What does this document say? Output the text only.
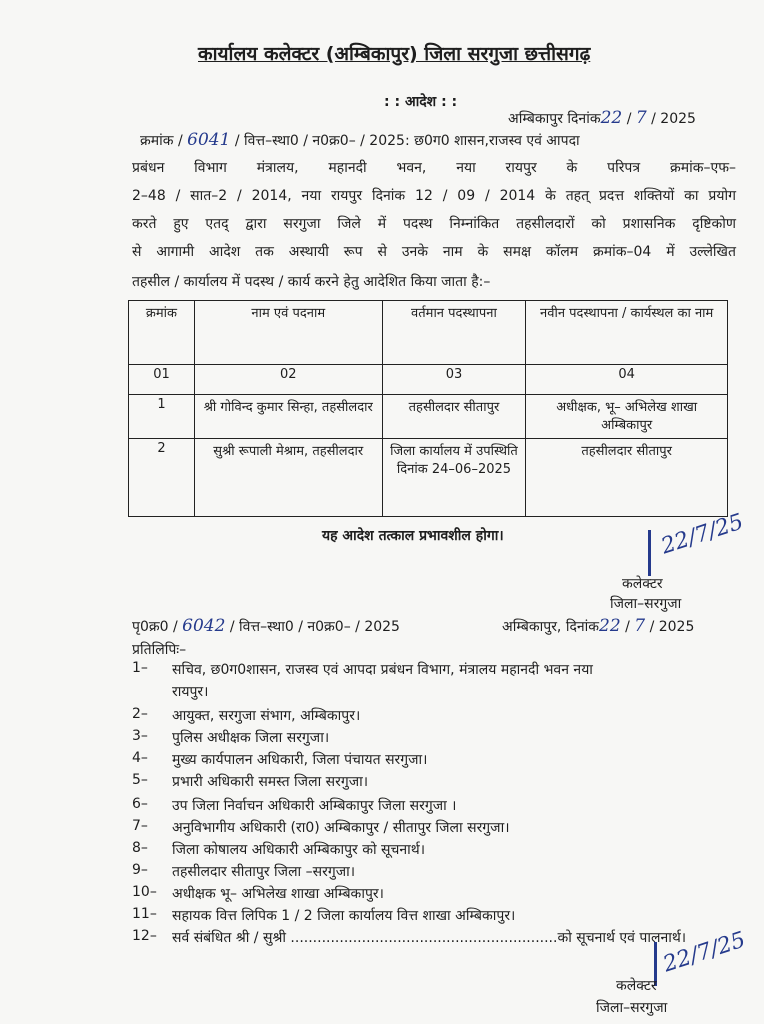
कार्यालय कलेक्टर (अम्बिकापुर) जिला सरगुजा छत्तीसगढ़
: : आदेश : :
अम्बिकापुर दिनांक22 / 7 / 2025
क्रमांक / 6041 / वित्त–स्था0 / न0क्र0– / 2025: छ0ग0 शासन,राजस्व एवं आपदा
प्रबंधन विभाग मंत्रालय, महानदी भवन, नया रायपुर के परिपत्र क्रमांक–एफ–
2–48 / सात–2 / 2014, नया रायपुर दिनांक 12 / 09 / 2014 के तहत् प्रदत्त शक्तियों का प्रयोग
करते हुए एतद् द्वारा सरगुजा जिले में पदस्थ निम्नांकित तहसीलदारों को प्रशासनिक दृष्टिकोण
से आगामी आदेश तक अस्थायी रूप से उनके नाम के समक्ष कॉलम क्रमांक–04 में उल्लेखित
तहसील / कार्यालय में पदस्थ / कार्य करने हेतु आदेशित किया जाता है:–
क्रमांक	नाम एवं पदनाम	वर्तमान पदस्थापना	नवीन पदस्थापना / कार्यस्थल का नाम
01	02	03	04
1	श्री गोविन्द कुमार सिन्हा, तहसीलदार	तहसीलदार सीतापुर	अधीक्षक, भू– अभिलेख शाखा अम्बिकापुर
2	सुश्री रूपाली मेश्राम, तहसीलदार	जिला कार्यालय में उपस्थिति दिनांक 24–06–2025	तहसीलदार सीतापुर
यह आदेश तत्काल प्रभावशील होगा।	22/7/25
कलेक्टर
जिला–सरगुजा
पृ0क्र0 / 6042 / वित्त–स्था0 / न0क्र0– / 2025	अम्बिकापुर, दिनांक22 / 7 / 2025
प्रतिलिपिः–
1– सचिव, छ0ग0शासन, राजस्व एवं आपदा प्रबंधन विभाग, मंत्रालय महानदी भवन नया
रायपुर।
2– आयुक्त, सरगुजा संभाग, अम्बिकापुर।
3– पुलिस अधीक्षक जिला सरगुजा।
4– मुख्य कार्यपालन अधिकारी, जिला पंचायत सरगुजा।
5– प्रभारी अधिकारी समस्त जिला सरगुजा।
6– उप जिला निर्वाचन अधिकारी अम्बिकापुर जिला सरगुजा ।
7– अनुविभागीय अधिकारी (रा0) अम्बिकापुर / सीतापुर जिला सरगुजा।
8– जिला कोषालय अधिकारी अम्बिकापुर को सूचनार्थ।
9– तहसीलदार सीतापुर जिला –सरगुजा।
10– अधीक्षक भू– अभिलेख शाखा अम्बिकापुर।
11– सहायक वित्त लिपिक 1 / 2 जिला कार्यालय वित्त शाखा अम्बिकापुर।
12– सर्व संबंधित श्री / सुश्री ............................................................को सूचनार्थ एवं पालनार्थ।
22/7/25
कलेक्टर
जिला–सरगुजा
